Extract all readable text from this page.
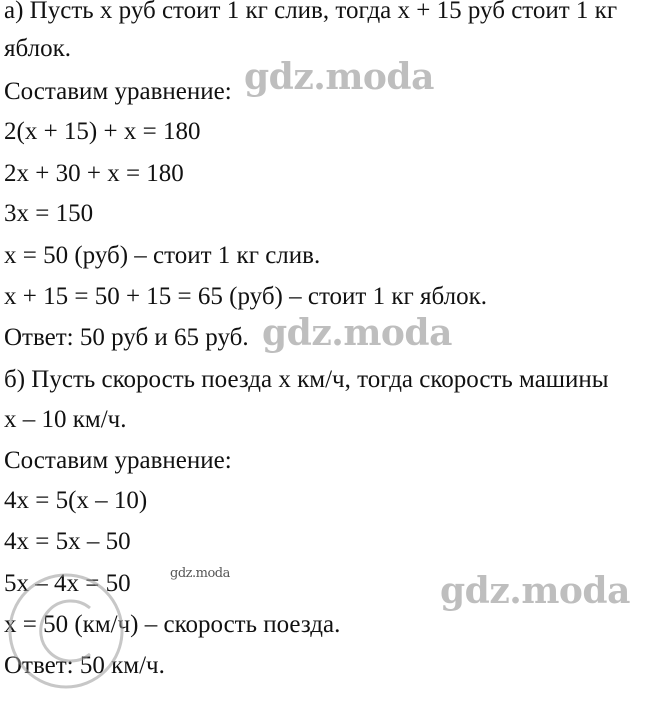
а) Пусть x руб стоит 1 кг слив, тогда x + 15 руб стоит 1 кг
яблок.
Составим уравнение:
2(x + 15) + x = 180
2x + 30 + x = 180
3x = 150
x = 50 (руб) – стоит 1 кг слив.
x + 15 = 50 + 15 = 65 (руб) – стоит 1 кг яблок.
Ответ: 50 руб и 65 руб.
б) Пусть скорость поезда x км/ч, тогда скорость машины
x – 10 км/ч.
Составим уравнение:
4x = 5(x – 10)
4x = 5x – 50
5x – 4x = 50
x = 50 (км/ч) – скорость поезда.
Ответ: 50 км/ч.
gdz.moda
gdz.moda
gdz.moda
gdz.moda
